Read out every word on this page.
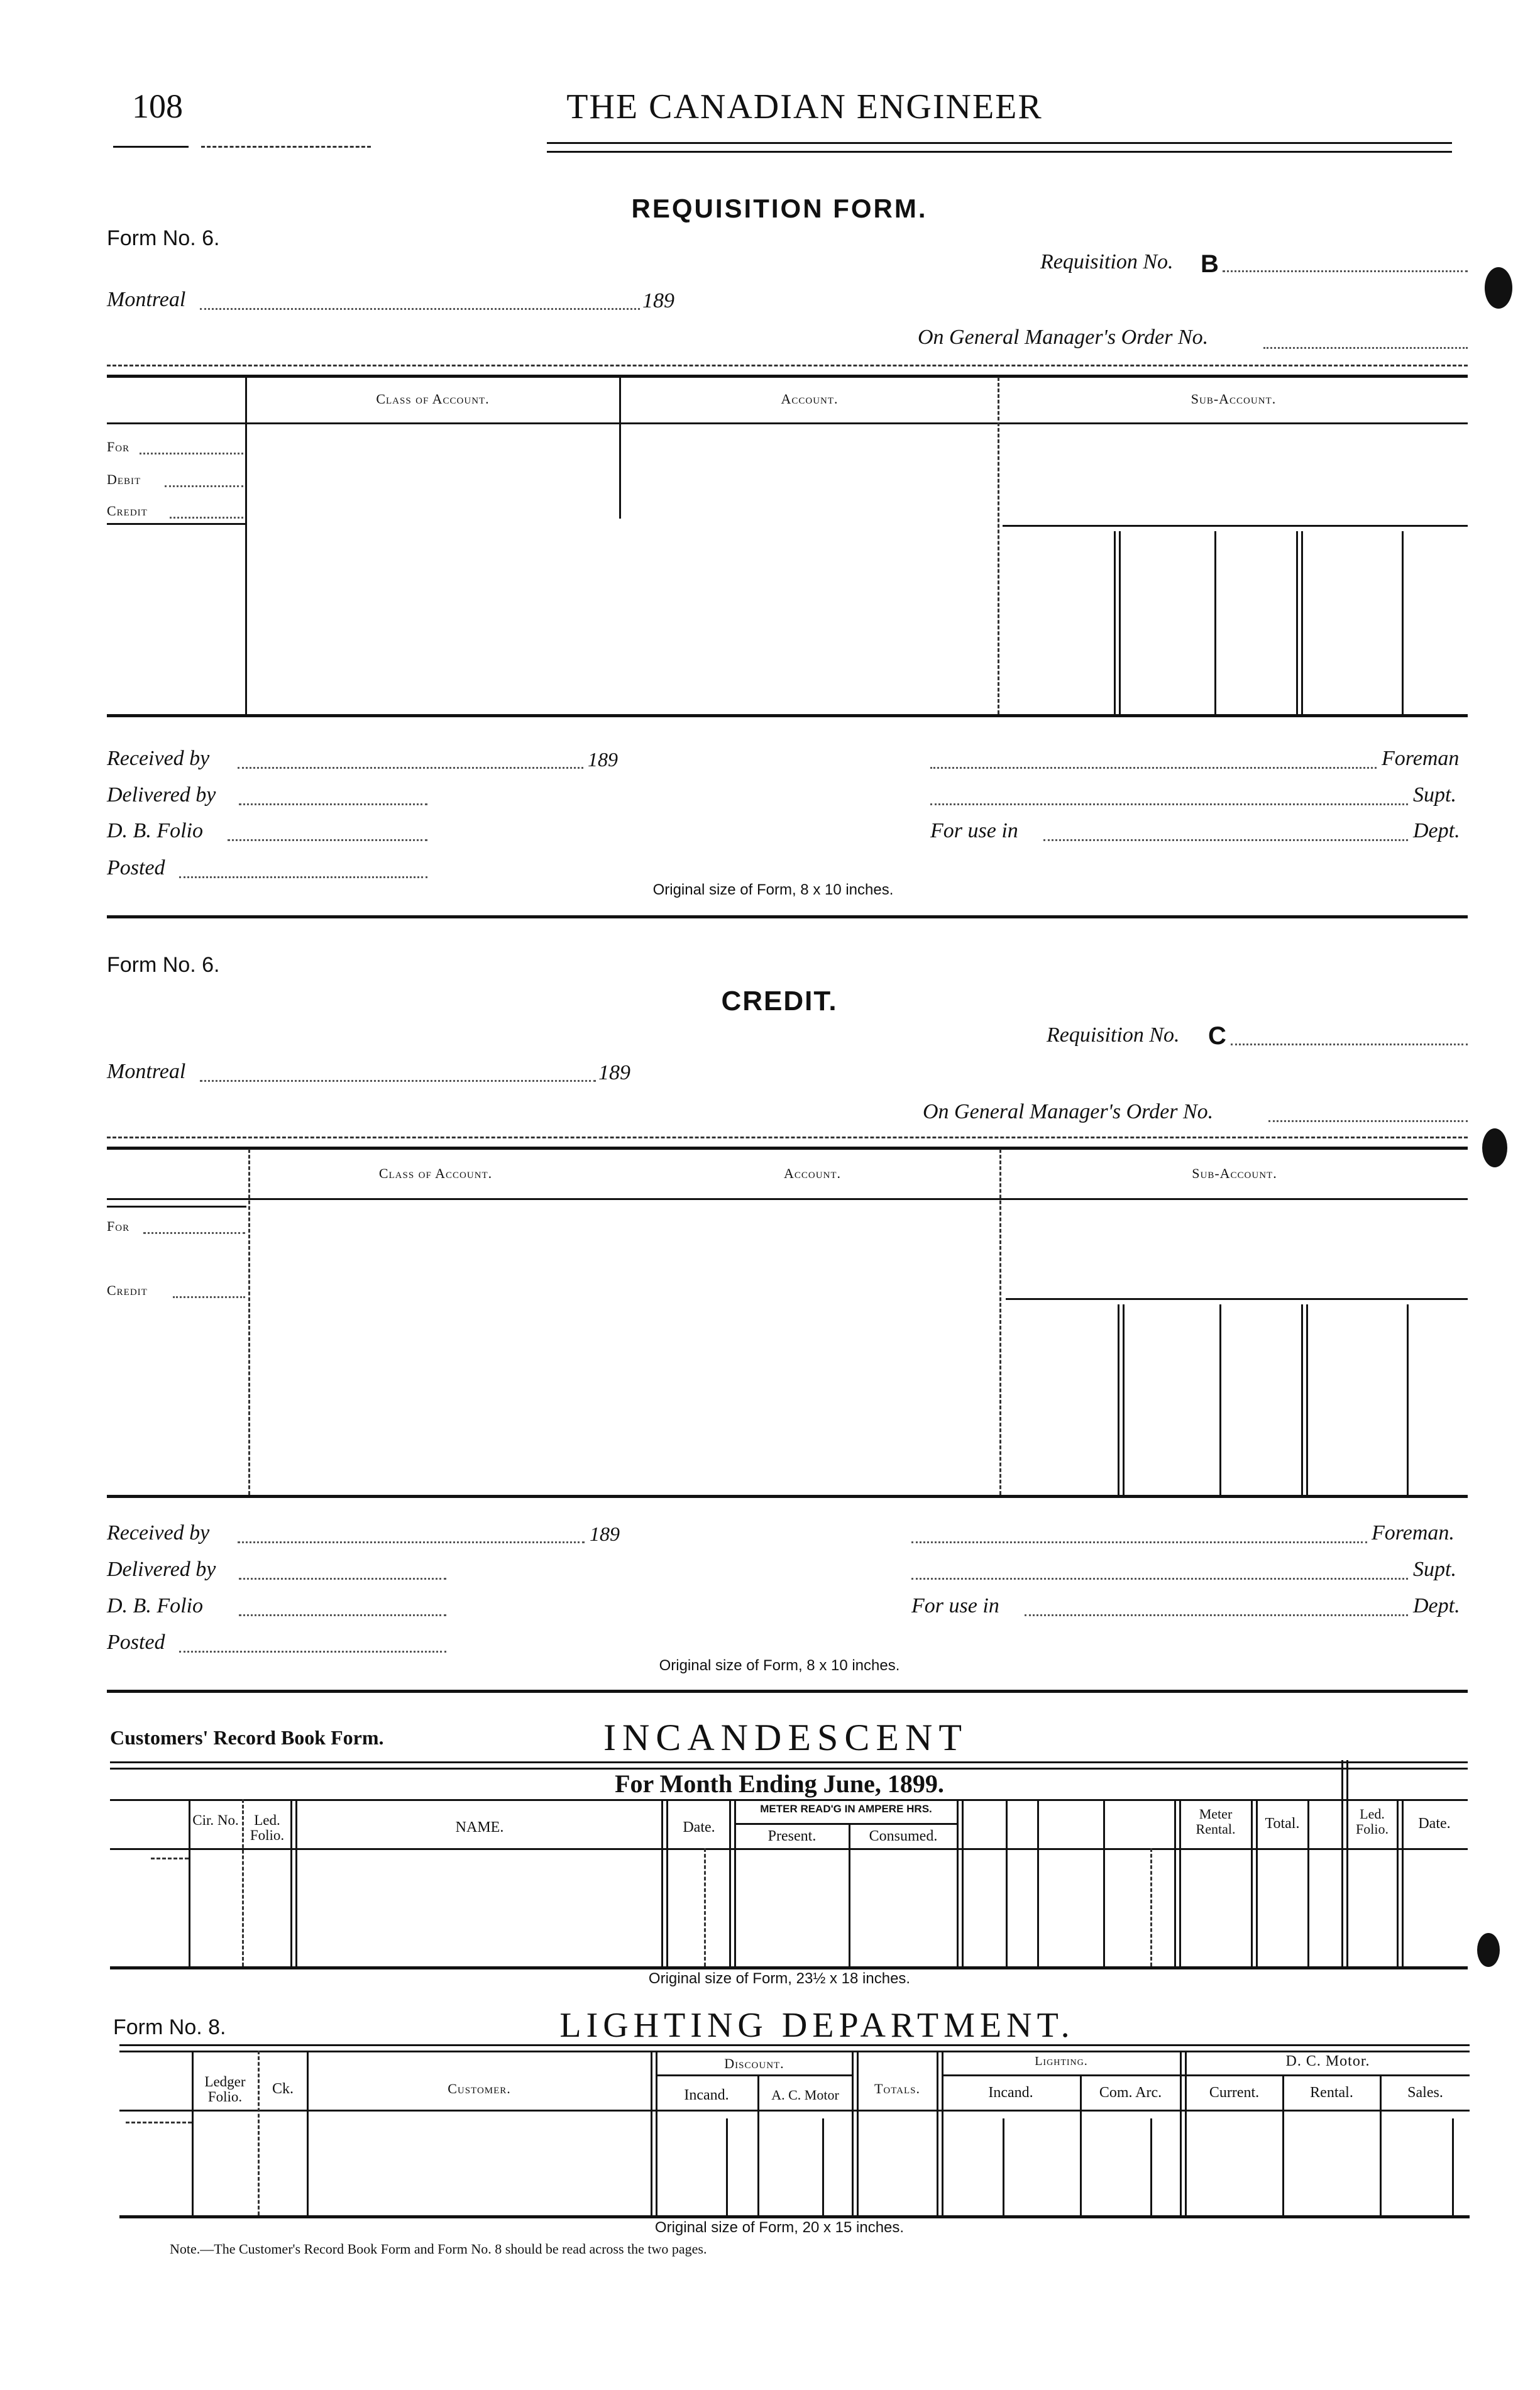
108	THE CANADIAN ENGINEER
REQUISITION FORM.
Form No. 6.
Requisition No. B
Montreal	189
On General Manager's Order No.
Class of Account.	Account.	Sub-Account.
For
Debit
Credit
Received by	189	Foreman
Delivered by	Supt.
D. B. Folio	For use in	Dept.
Posted
Original size of Form, 8 x 10 inches.
Form No. 6.
CREDIT.
Requisition No. C
Montreal	189
On General Manager's Order No.
Class of Account.	Account.	Sub-Account.
For
Credit
Received by	189	Foreman.
Delivered by	Supt.
D. B. Folio	For use in	Dept.
Posted
Original size of Form, 8 x 10 inches.
Customers' Record Book Form.	INCANDESCENT
For Month Ending June, 1899.
Cir. No.	Led. Folio.	NAME.	Date.
METER READ'G IN AMPERE HRS.
Present.	Consumed.
Meter Rental.	Total.
Led. Folio.	Date.
Original size of Form, 23½ x 18 inches.
Form No. 8.	LIGHTING DEPARTMENT.
Ledger Folio.	Ck.	Customer.
Discount.
Incand.	A. C. Motor	Totals.
Lighting.
Incand.	Com. Arc.
D. C. Motor.
Current.	Rental.	Sales.
Original size of Form, 20 x 15 inches.
Note.—The Customer's Record Book Form and Form No. 8 should be read across the two pages.
